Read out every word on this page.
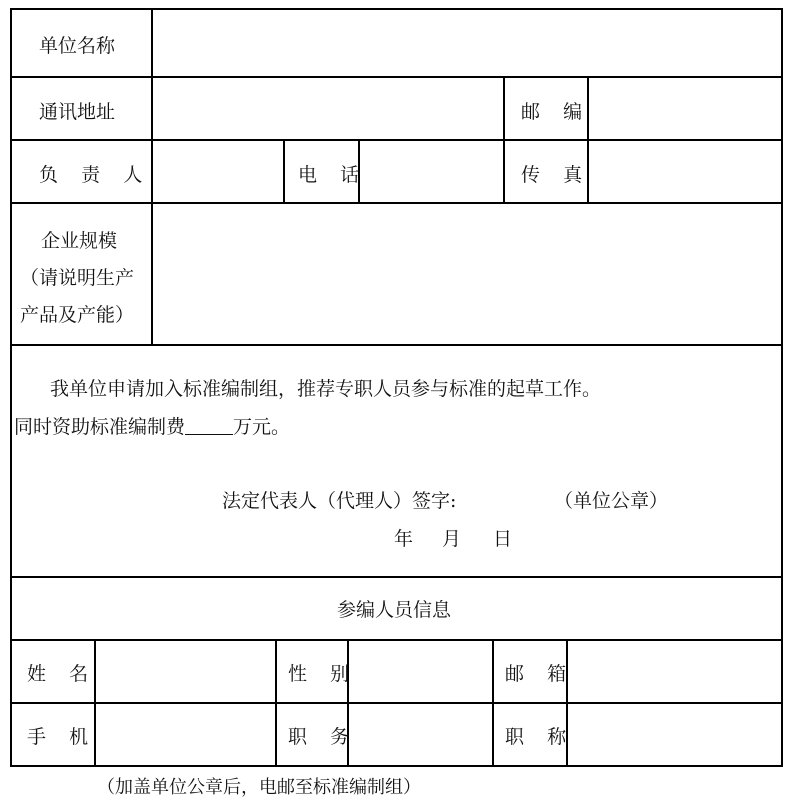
单位名称
通讯地址	邮 编
负 责 人	电 话	传 真
企业规模
（请说明生产
产品及产能）
我单位申请加入标准编制组，推荐专职人员参与标准的起草工作。
同时资助标准编制费	万元。
法定代表人（代理人）签字:	（单位公章）
年 月 日
参编人员信息
姓 名	性 别	邮 箱
手 机	职 务	职 称
（加盖单位公章后，电邮至标准编制组）
